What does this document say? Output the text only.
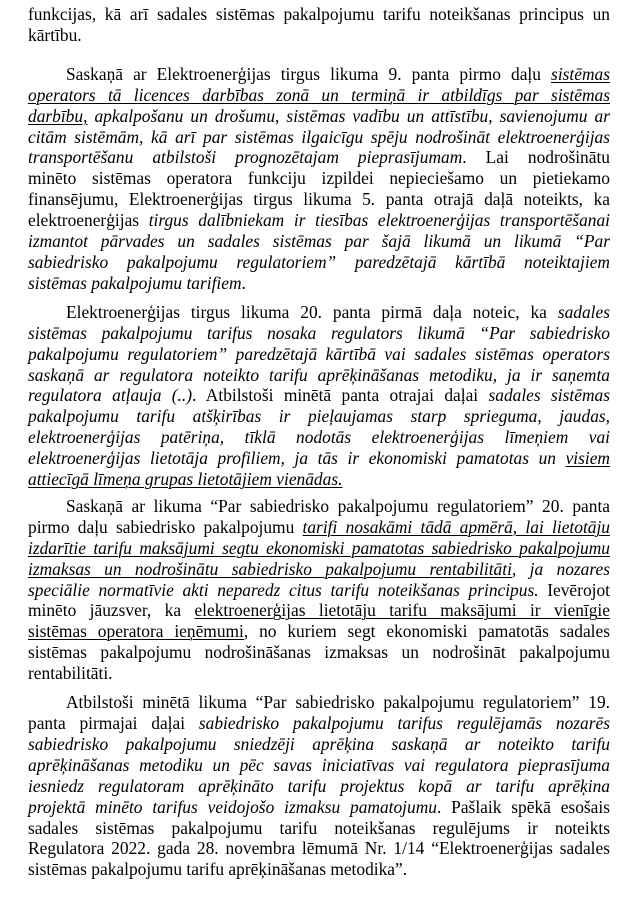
funkcijas, kā arī sadales sistēmas pakalpojumu tarifu noteikšanas principus un
kārtību.
Saskaņā ar Elektroenerģijas tirgus likuma 9. panta pirmo daļu sistēmas
operators tā licences darbības zonā un termiņā ir atbildīgs par sistēmas
darbību, apkalpošanu un drošumu, sistēmas vadību un attīstību, savienojumu ar
citām sistēmām, kā arī par sistēmas ilgaicīgu spēju nodrošināt elektroenerģijas
transportēšanu atbilstoši prognozētajam pieprasījumam. Lai nodrošinātu
minēto sistēmas operatora funkciju izpildei nepieciešamo un pietiekamo
finansējumu, Elektroenerģijas tirgus likuma 5. panta otrajā daļā noteikts, ka
elektroenerģijas tirgus dalībniekam ir tiesības elektroenerģijas transportēšanai
izmantot pārvades un sadales sistēmas par šajā likumā un likumā “Par
sabiedrisko pakalpojumu regulatoriem” paredzētajā kārtībā noteiktajiem
sistēmas pakalpojumu tarifiem.
Elektroenerģijas tirgus likuma 20. panta pirmā daļa noteic, ka sadales
sistēmas pakalpojumu tarifus nosaka regulators likumā “Par sabiedrisko
pakalpojumu regulatoriem” paredzētajā kārtībā vai sadales sistēmas operators
saskaņā ar regulatora noteikto tarifu aprēķināšanas metodiku, ja ir saņemta
regulatora atļauja (..). Atbilstoši minētā panta otrajai daļai sadales sistēmas
pakalpojumu tarifu atšķirības ir pieļaujamas starp sprieguma, jaudas,
elektroenerģijas patēriņa, tīklā nodotās elektroenerģijas līmeņiem vai
elektroenerģijas lietotāja profiliem, ja tās ir ekonomiski pamatotas un visiem
attiecīgā līmeņa grupas lietotājiem vienādas.
Saskaņā ar likuma “Par sabiedrisko pakalpojumu regulatoriem” 20. panta
pirmo daļu sabiedrisko pakalpojumu tarifi nosakāmi tādā apmērā, lai lietotāju
izdarītie tarifu maksājumi segtu ekonomiski pamatotas sabiedrisko pakalpojumu
izmaksas un nodrošinātu sabiedrisko pakalpojumu rentabilitāti, ja nozares
speciālie normatīvie akti neparedz citus tarifu noteikšanas principus. Ievērojot
minēto jāuzsver, ka elektroenerģijas lietotāju tarifu maksājumi ir vienīgie
sistēmas operatora ieņēmumi, no kuriem segt ekonomiski pamatotās sadales
sistēmas pakalpojumu nodrošināšanas izmaksas un nodrošināt pakalpojumu
rentabilitāti.
Atbilstoši minētā likuma “Par sabiedrisko pakalpojumu regulatoriem” 19.
panta pirmajai daļai sabiedrisko pakalpojumu tarifus regulējamās nozarēs
sabiedrisko pakalpojumu sniedzēji aprēķina saskaņā ar noteikto tarifu
aprēķināšanas metodiku un pēc savas iniciatīvas vai regulatora pieprasījuma
iesniedz regulatoram aprēķināto tarifu projektus kopā ar tarifu aprēķina
projektā minēto tarifus veidojošo izmaksu pamatojumu. Pašlaik spēkā esošais
sadales sistēmas pakalpojumu tarifu noteikšanas regulējums ir noteikts
Regulatora 2022. gada 28. novembra lēmumā Nr. 1/14 “Elektroenerģijas sadales
sistēmas pakalpojumu tarifu aprēķināšanas metodika”.
